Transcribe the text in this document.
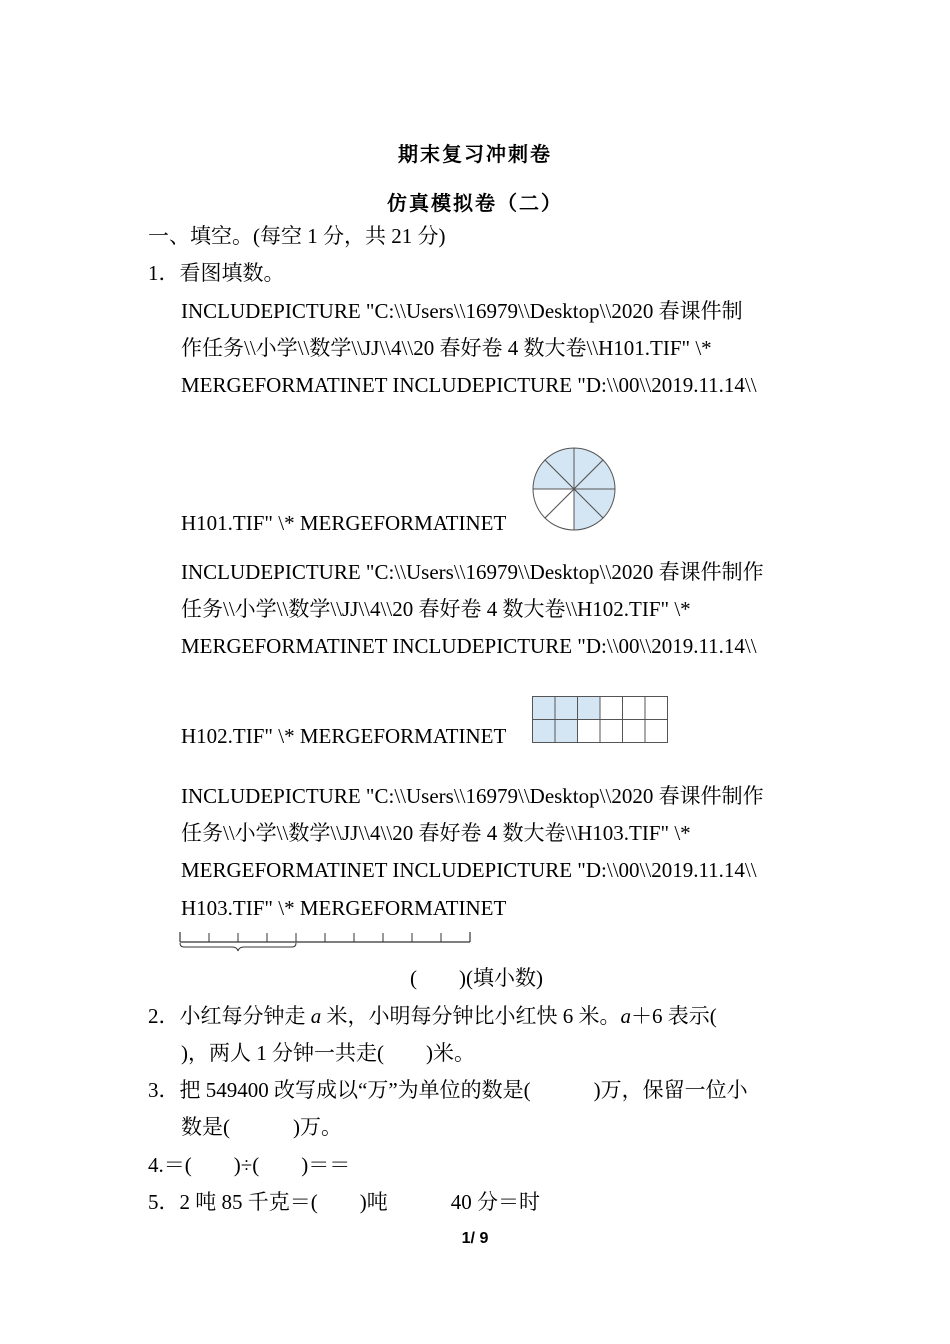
期末复习冲刺卷
仿真模拟卷（二）
一、填空。(每空 1 分，共 21 分)
1．看图填数。
INCLUDEPICTURE "C:\\Users\\16979\\Desktop\\2020 春课件制
作任务\\小学\\数学\\JJ\\4\\20 春好卷 4 数大卷\\H101.TIF" \*
MERGEFORMATINET INCLUDEPICTURE "D:\\00\\2019.11.14\\
H101.TIF" \* MERGEFORMATINET
INCLUDEPICTURE "C:\\Users\\16979\\Desktop\\2020 春课件制作
任务\\小学\\数学\\JJ\\4\\20 春好卷 4 数大卷\\H102.TIF" \*
MERGEFORMATINET INCLUDEPICTURE "D:\\00\\2019.11.14\\
H102.TIF" \* MERGEFORMATINET
INCLUDEPICTURE "C:\\Users\\16979\\Desktop\\2020 春课件制作
任务\\小学\\数学\\JJ\\4\\20 春好卷 4 数大卷\\H103.TIF" \*
MERGEFORMATINET INCLUDEPICTURE "D:\\00\\2019.11.14\\
H103.TIF" \* MERGEFORMATINET
(　　)(填小数)
2．小红每分钟走 a 米，小明每分钟比小红快 6 米。a＋6 表示(
)，两人 1 分钟一共走(　　)米。
3．把 549400 改写成以“万”为单位的数是(　　　)万，保留一位小
数是(　　　)万。
4.＝(　　)÷(　　)＝＝
5．2 吨 85 千克＝(　　)吨　　　40 分＝时
1/ 9
